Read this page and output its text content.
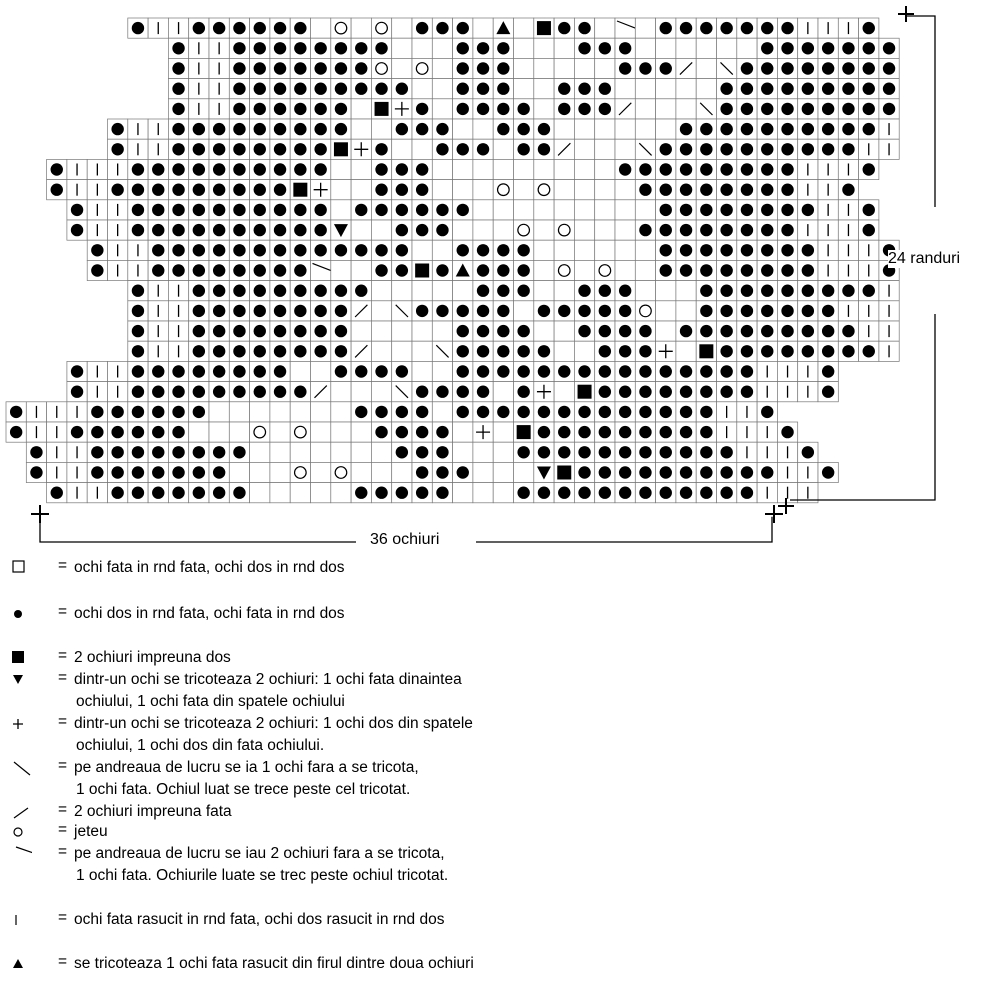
24 randuri
36 ochiuri
= ochi fata in rnd fata, ochi dos in rnd dos
= ochi dos in rnd fata, ochi fata in rnd dos
= 2 ochiuri impreuna dos
= dintr-un ochi se tricoteaza 2 ochiuri: 1 ochi fata dinaintea
ochiului, 1 ochi fata din spatele ochiului
= dintr-un ochi se tricoteaza 2 ochiuri: 1 ochi dos din spatele
ochiului, 1 ochi dos din fata ochiului.
= pe andreaua de lucru se ia 1 ochi fara a se tricota,
1 ochi fata. Ochiul luat se trece peste cel tricotat.
= 2 ochiuri impreuna fata
= jeteu
= pe andreaua de lucru se iau 2 ochiuri fara a se tricota,
1 ochi fata. Ochiurile luate se trec peste ochiul tricotat.
= ochi fata rasucit in rnd fata, ochi dos rasucit in rnd dos
= se tricoteaza 1 ochi fata rasucit din firul dintre doua ochiuri
